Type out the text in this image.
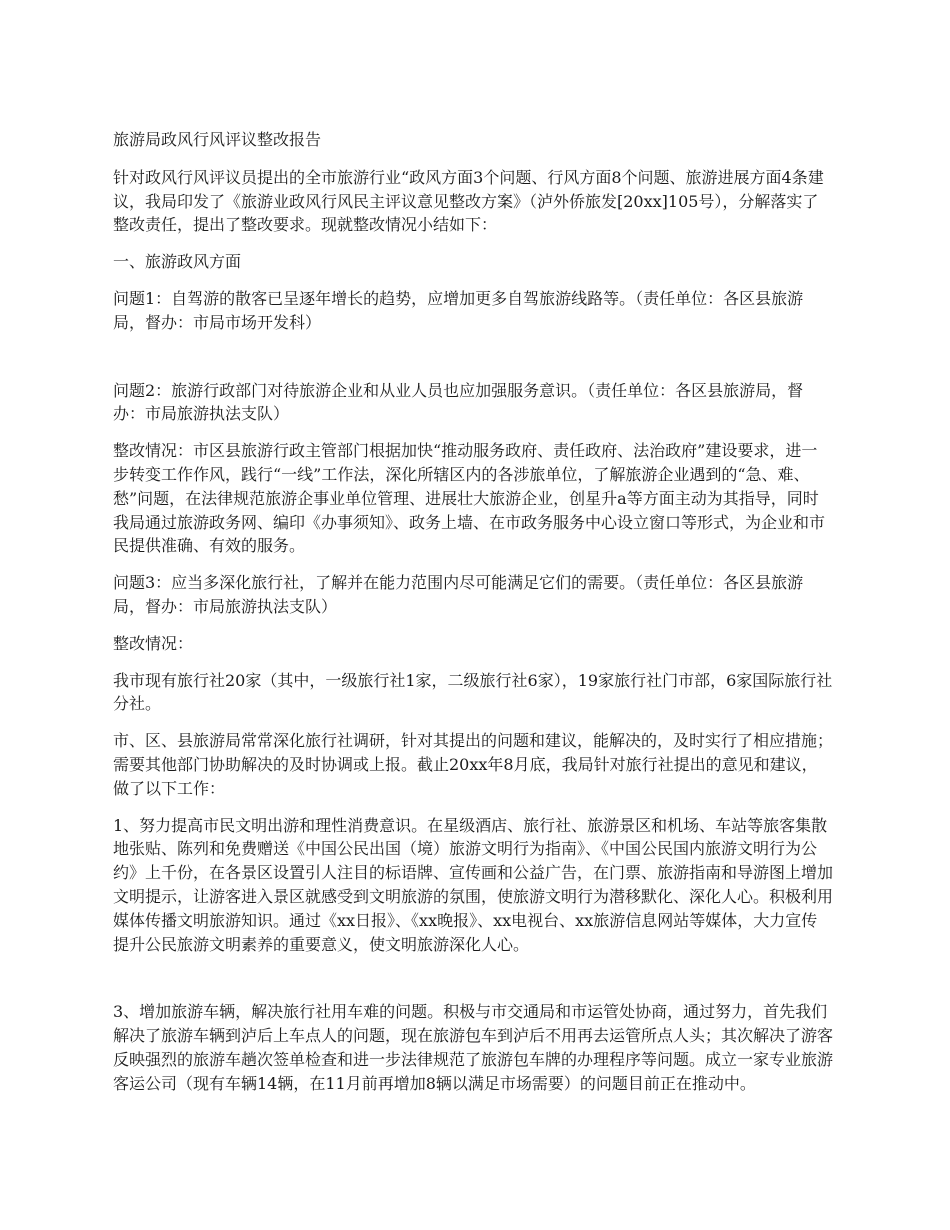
旅游局政风行风评议整改报告

针对政风行风评议员提出的全市旅游行业“政风方面3个问题、行风方面8个问题、旅游进展方面4条建议，我局印发了《旅游业政风行风民主评议意见整改方案》（泸外侨旅发[20xx]105号），分解落实了整改责任，提出了整改要求。现就整改情况小结如下：

一、旅游政风方面

问题1：自驾游的散客已呈逐年增长的趋势，应增加更多自驾旅游线路等。（责任单位：各区县旅游局，督办：市局市场开发科）

问题2：旅游行政部门对待旅游企业和从业人员也应加强服务意识。（责任单位：各区县旅游局，督办：市局旅游执法支队）

整改情况：市区县旅游行政主管部门根据加快“推动服务政府、责任政府、法治政府”建设要求，进一步转变工作作风，践行“一线”工作法，深化所辖区内的各涉旅单位，了解旅游企业遇到的“急、难、愁”问题，在法律规范旅游企事业单位管理、进展壮大旅游企业，创星升a等方面主动为其指导，同时我局通过旅游政务网、编印《办事须知》、政务上墙、在市政务服务中心设立窗口等形式，为企业和市民提供准确、有效的服务。

问题3：应当多深化旅行社，了解并在能力范围内尽可能满足它们的需要。（责任单位：各区县旅游局，督办：市局旅游执法支队）

整改情况：

我市现有旅行社20家（其中，一级旅行社1家，二级旅行社6家），19家旅行社门市部，6家国际旅行社分社。

市、区、县旅游局常常深化旅行社调研，针对其提出的问题和建议，能解决的，及时实行了相应措施；需要其他部门协助解决的及时协调或上报。截止20xx年8月底，我局针对旅行社提出的意见和建议，做了以下工作：

1、努力提高市民文明出游和理性消费意识。在星级酒店、旅行社、旅游景区和机场、车站等旅客集散地张贴、陈列和免费赠送《中国公民出国（境）旅游文明行为指南》、《中国公民国内旅游文明行为公约》上千份，在各景区设置引人注目的标语牌、宣传画和公益广告，在门票、旅游指南和导游图上增加文明提示，让游客进入景区就感受到文明旅游的氛围，使旅游文明行为潜移默化、深化人心。积极利用媒体传播文明旅游知识。通过《xx日报》、《xx晚报》、xx电视台、xx旅游信息网站等媒体，大力宣传提升公民旅游文明素养的重要意义，使文明旅游深化人心。

3、增加旅游车辆，解决旅行社用车难的问题。积极与市交通局和市运管处协商，通过努力，首先我们解决了旅游车辆到泸后上车点人的问题，现在旅游包车到泸后不用再去运管所点人头；其次解决了游客反映强烈的旅游车趟次签单检查和进一步法律规范了旅游包车牌的办理程序等问题。成立一家专业旅游客运公司（现有车辆14辆，在11月前再增加8辆以满足市场需要）的问题目前正在推动中。
